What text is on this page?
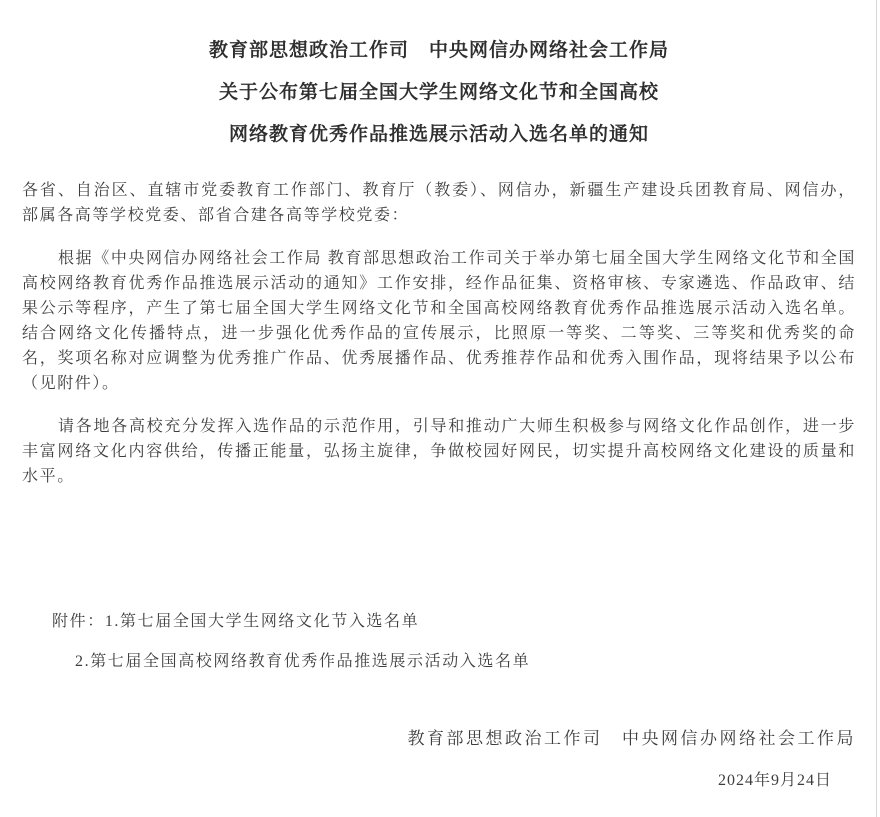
教育部思想政治工作司　中央网信办网络社会工作局
关于公布第七届全国大学生网络文化节和全国高校
网络教育优秀作品推选展示活动入选名单的通知

各省、自治区、直辖市党委教育工作部门、教育厅（教委）、网信办，新疆生产建设兵团教育局、网信办，部属各高等学校党委、部省合建各高等学校党委：

根据《中央网信办网络社会工作局 教育部思想政治工作司关于举办第七届全国大学生网络文化节和全国高校网络教育优秀作品推选展示活动的通知》工作安排，经作品征集、资格审核、专家遴选、作品政审、结果公示等程序，产生了第七届全国大学生网络文化节和全国高校网络教育优秀作品推选展示活动入选名单。结合网络文化传播特点，进一步强化优秀作品的宣传展示，比照原一等奖、二等奖、三等奖和优秀奖的命名，奖项名称对应调整为优秀推广作品、优秀展播作品、优秀推荐作品和优秀入围作品，现将结果予以公布（见附件）。

请各地各高校充分发挥入选作品的示范作用，引导和推动广大师生积极参与网络文化作品创作，进一步丰富网络文化内容供给，传播正能量，弘扬主旋律，争做校园好网民，切实提升高校网络文化建设的质量和水平。

附件：1.第七届全国大学生网络文化节入选名单
2.第七届全国高校网络教育优秀作品推选展示活动入选名单
教育部思想政治工作司　中央网信办网络社会工作局
2024年9月24日
